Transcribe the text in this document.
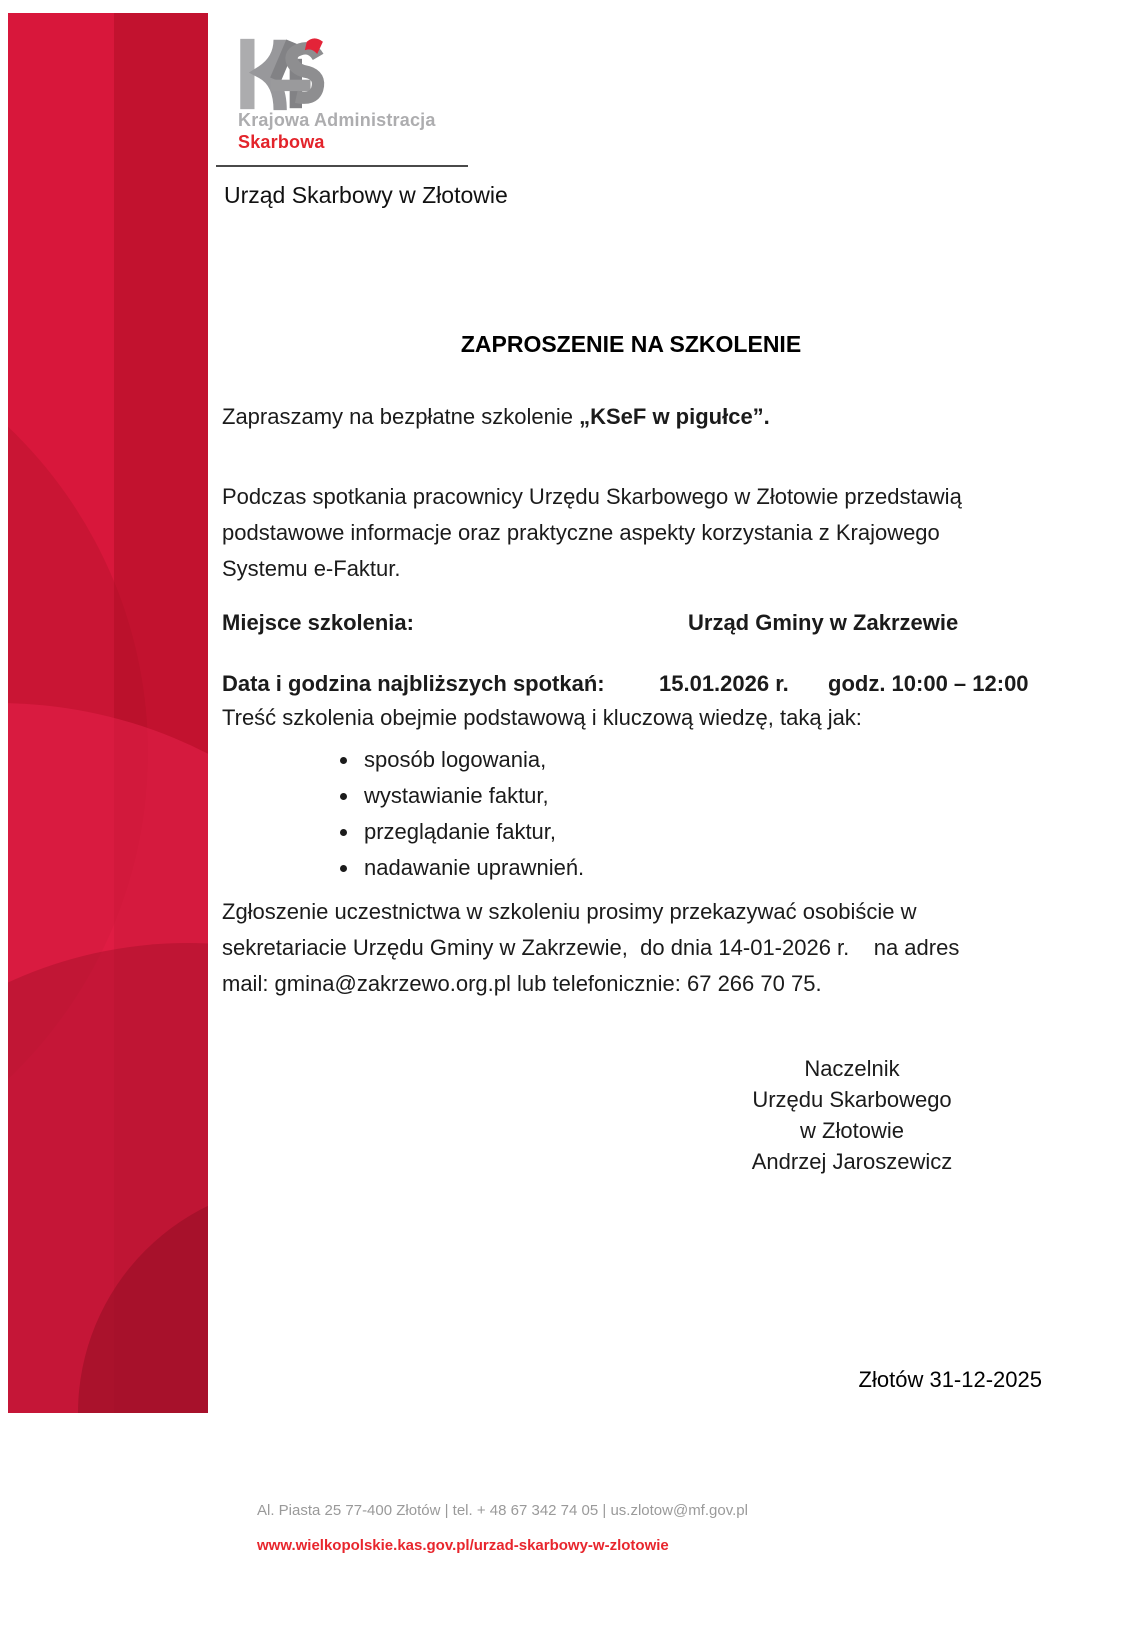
Krajowa Administracja
Skarbowa
Urząd Skarbowy w Złotowie
ZAPROSZENIE NA SZKOLENIE
Zapraszamy na bezpłatne szkolenie „KSeF w pigułce”.
Podczas spotkania pracownicy Urzędu Skarbowego w Złotowie przedstawią
podstawowe informacje oraz praktyczne aspekty korzystania z Krajowego
Systemu e-Faktur.
Miejsce szkolenia:	Urząd Gminy w Zakrzewie
Data i godzina najbliższych spotkań: 15.01.2026 r. godz. 10:00 – 12:00
Treść szkolenia obejmie podstawową i kluczową wiedzę, taką jak:
sposób logowania,
wystawianie faktur,
przeglądanie faktur,
nadawanie uprawnień.
Zgłoszenie uczestnictwa w szkoleniu prosimy przekazywać osobiście w
sekretariacie Urzędu Gminy w Zakrzewie,  do dnia 14-01-2026 r.    na adres
mail: gmina@zakrzewo.org.pl lub telefonicznie: 67 266 70 75.
Naczelnik
Urzędu Skarbowego
w Złotowie
Andrzej Jaroszewicz
Złotów 31-12-2025
Al. Piasta 25 77-400 Złotów | tel. + 48 67 342 74 05 | us.zlotow@mf.gov.pl
www.wielkopolskie.kas.gov.pl/urzad-skarbowy-w-zlotowie
